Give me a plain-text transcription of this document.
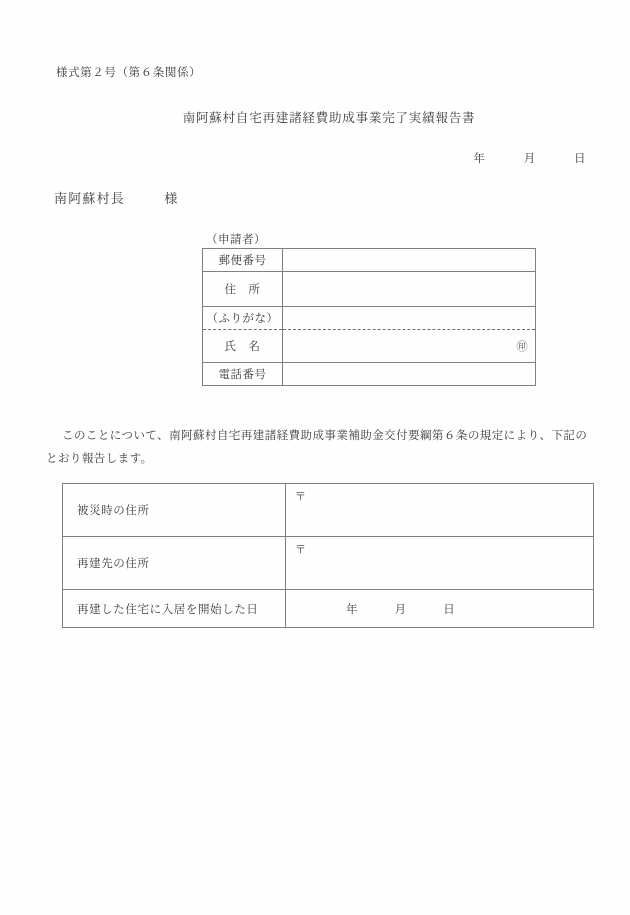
様式第２号（第６条関係）
南阿蘇村自宅再建諸経費助成事業完了実績報告書
年	月	日
南阿蘇村長	様
（申請者）
郵便番号	
住　所	
（ふりがな）	
氏　名	㊞

電話番号	
このことについて、南阿蘇村自宅再建諸経費助成事業補助金交付要綱第６条の規定により、下記のとおり報告します。
被災時の住所	〒
再建先の住所	〒
再建した住宅に入居を開始した日	年 月 日
